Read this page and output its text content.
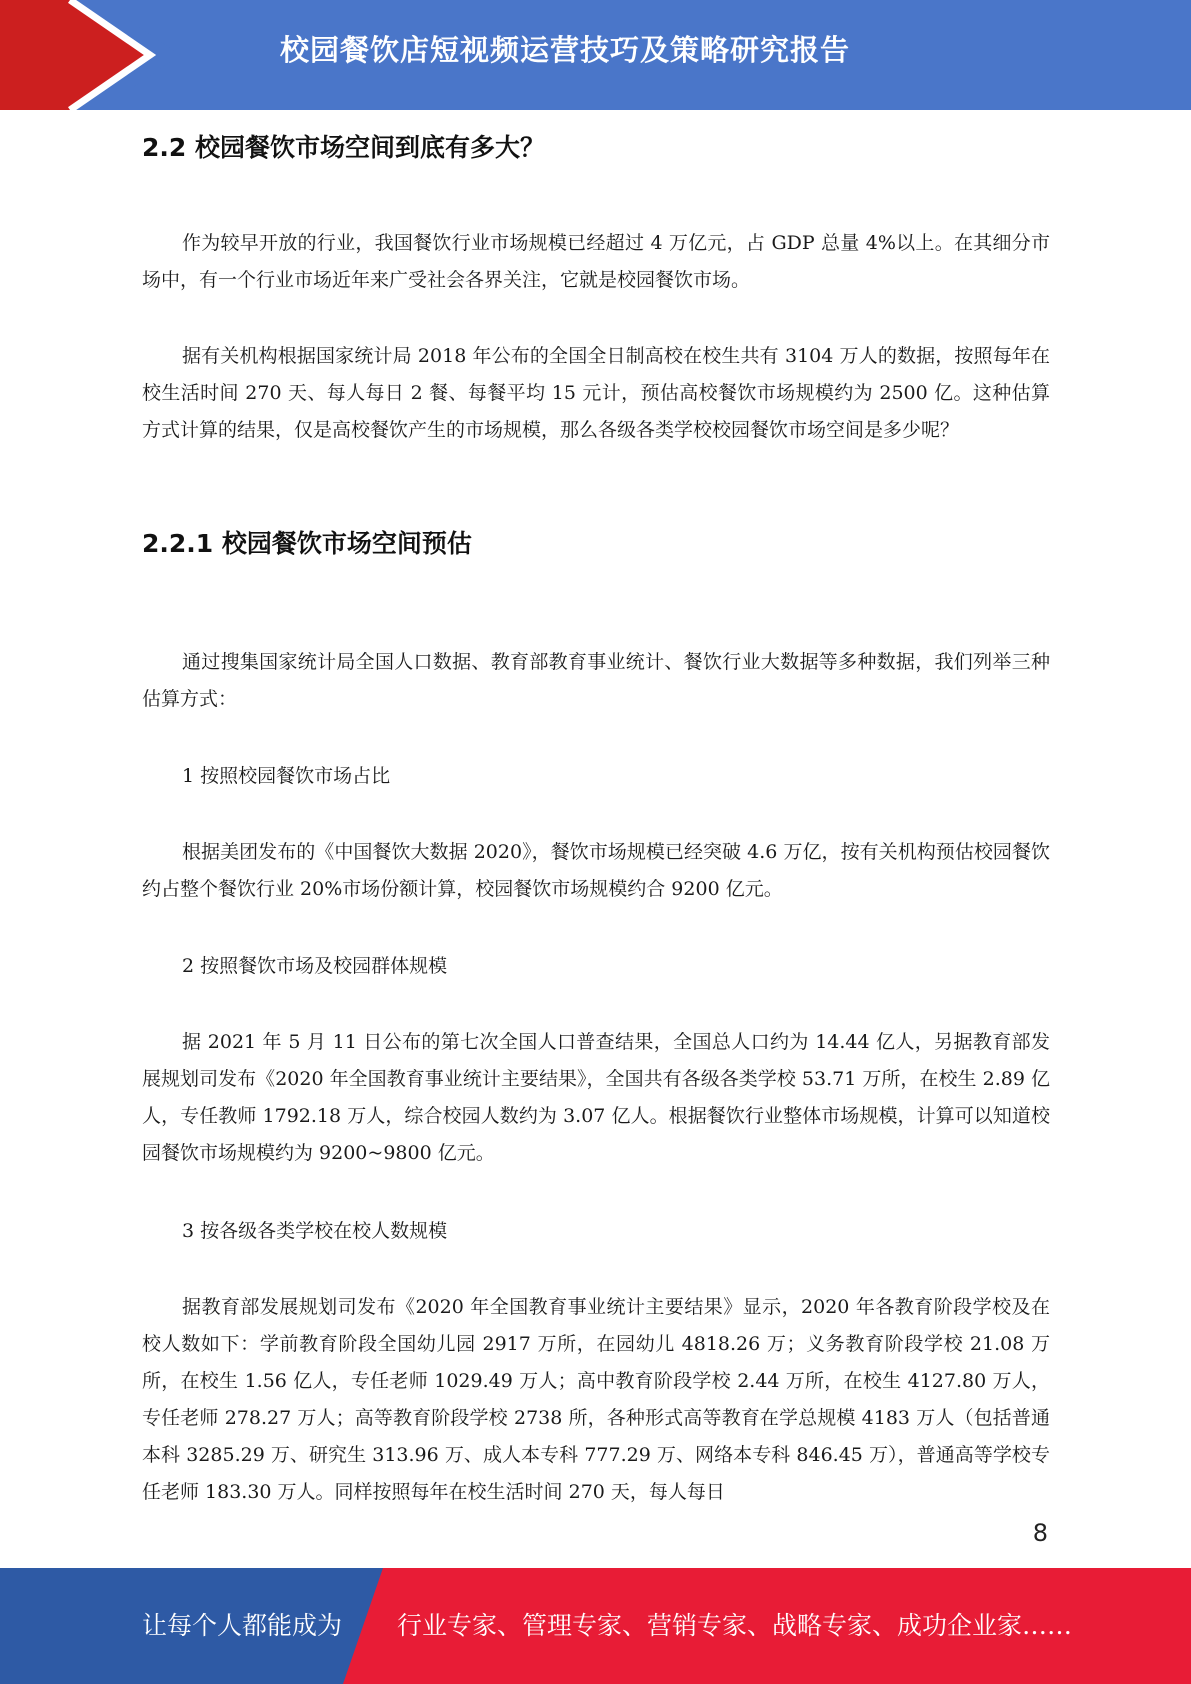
校园餐饮店短视频运营技巧及策略研究报告
2.2 校园餐饮市场空间到底有多大？

作为较早开放的行业，我国餐饮行业市场规模已经超过 4 万亿元，占 GDP 总量 4%以上。在其细分市场中，有一个行业市场近年来广受社会各界关注，它就是校园餐饮市场。

据有关机构根据国家统计局 2018 年公布的全国全日制高校在校生共有 3104 万人的数据，按照每年在校生活时间 270 天、每人每日 2 餐、每餐平均 15 元计，预估高校餐饮市场规模约为 2500 亿。这种估算方式计算的结果，仅是高校餐饮产生的市场规模，那么各级各类学校校园餐饮市场空间是多少呢？

2.2.1 校园餐饮市场空间预估

通过搜集国家统计局全国人口数据、教育部教育事业统计、餐饮行业大数据等多种数据，我们列举三种估算方式：

1 按照校园餐饮市场占比

根据美团发布的《中国餐饮大数据 2020》，餐饮市场规模已经突破 4.6 万亿，按有关机构预估校园餐饮约占整个餐饮行业 20%市场份额计算，校园餐饮市场规模约合 9200 亿元。

2 按照餐饮市场及校园群体规模

据 2021 年 5 月 11 日公布的第七次全国人口普查结果，全国总人口约为 14.44 亿人，另据教育部发展规划司发布《2020 年全国教育事业统计主要结果》，全国共有各级各类学校 53.71 万所，在校生 2.89 亿人，专任教师 1792.18 万人，综合校园人数约为 3.07 亿人。根据餐饮行业整体市场规模，计算可以知道校园餐饮市场规模约为 9200~9800 亿元。

3 按各级各类学校在校人数规模

据教育部发展规划司发布《2020 年全国教育事业统计主要结果》显示，2020 年各教育阶段学校及在校人数如下：学前教育阶段全国幼儿园 2917 万所，在园幼儿 4818.26 万；义务教育阶段学校 21.08 万所，在校生 1.56 亿人，专任老师 1029.49 万人；高中教育阶段学校 2.44 万所，在校生 4127.80 万人，专任老师 278.27 万人；高等教育阶段学校 2738 所，各种形式高等教育在学总规模 4183 万人（包括普通本科 3285.29 万、研究生 313.96 万、成人本专科 777.29 万、网络本专科 846.45 万），普通高等学校专任老师 183.30 万人。同样按照每年在校生活时间 270 天，每人每日

8
让每个人都能成为 行业专家、管理专家、营销专家、战略专家、成功企业家……
